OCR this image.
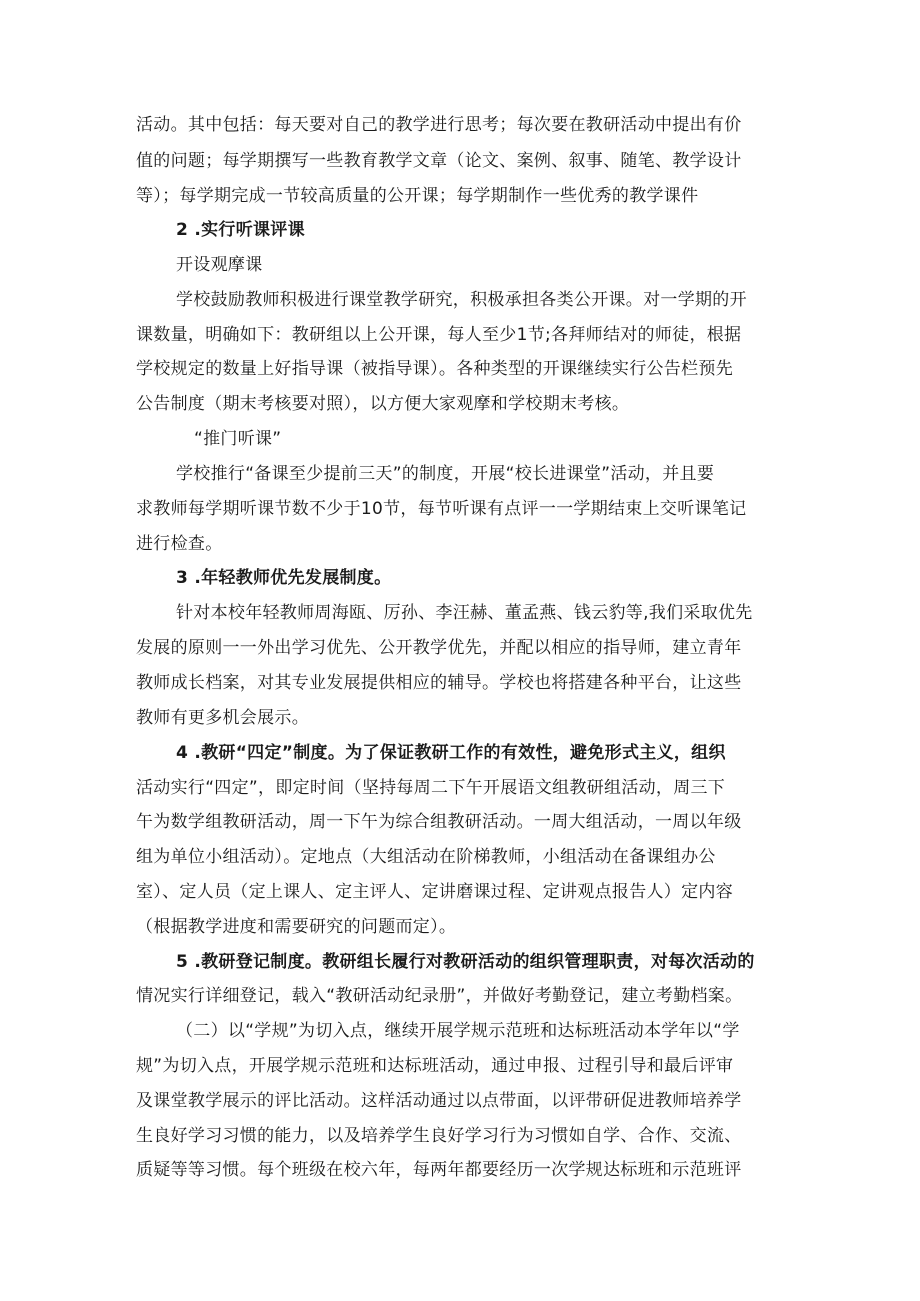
活动。其中包括：每天要对自己的教学进行思考；每次要在教研活动中提出有价
值的问题；每学期撰写一些教育教学文章（论文、案例、叙事、随笔、教学设计
等）；每学期完成一节较高质量的公开课；每学期制作一些优秀的教学课件
2 .实行听课评课
开设观摩课
学校鼓励教师积极进行课堂教学研究，积极承担各类公开课。对一学期的开
课数量，明确如下：教研组以上公开课，每人至少1节;各拜师结对的师徒，根据
学校规定的数量上好指导课（被指导课）。各种类型的开课继续实行公告栏预先
公告制度（期末考核要对照），以方便大家观摩和学校期末考核。
“推门听课”
学校推行“备课至少提前三天”的制度，开展“校长进课堂”活动，并且要
求教师每学期听课节数不少于10节，每节听课有点评一一学期结束上交听课笔记
进行检查。
3 .年轻教师优先发展制度。
针对本校年轻教师周海瓯、厉孙、李汪赫、董孟燕、钱云豹等,我们采取优先
发展的原则一一外出学习优先、公开教学优先，并配以相应的指导师，建立青年
教师成长档案，对其专业发展提供相应的辅导。学校也将搭建各种平台，让这些
教师有更多机会展示。
4 .教研“四定”制度。为了保证教研工作的有效性，避免形式主义，组织
活动实行“四定”，即定时间（坚持每周二下午开展语文组教研组活动，周三下
午为数学组教研活动，周一下午为综合组教研活动。一周大组活动，一周以年级
组为单位小组活动）。定地点（大组活动在阶梯教师，小组活动在备课组办公
室）、定人员（定上课人、定主评人、定讲磨课过程、定讲观点报告人）定内容
（根据教学进度和需要研究的问题而定）。
5 .教研登记制度。教研组长履行对教研活动的组织管理职责，对每次活动的
情况实行详细登记，载入“教研活动纪录册”，并做好考勤登记，建立考勤档案。
（二）以“学规”为切入点，继续开展学规示范班和达标班活动本学年以“学
规”为切入点，开展学规示范班和达标班活动，通过申报、过程引导和最后评审
及课堂教学展示的评比活动。这样活动通过以点带面，以评带研促进教师培养学
生良好学习习惯的能力，以及培养学生良好学习行为习惯如自学、合作、交流、
质疑等等习惯。每个班级在校六年，每两年都要经历一次学规达标班和示范班评
